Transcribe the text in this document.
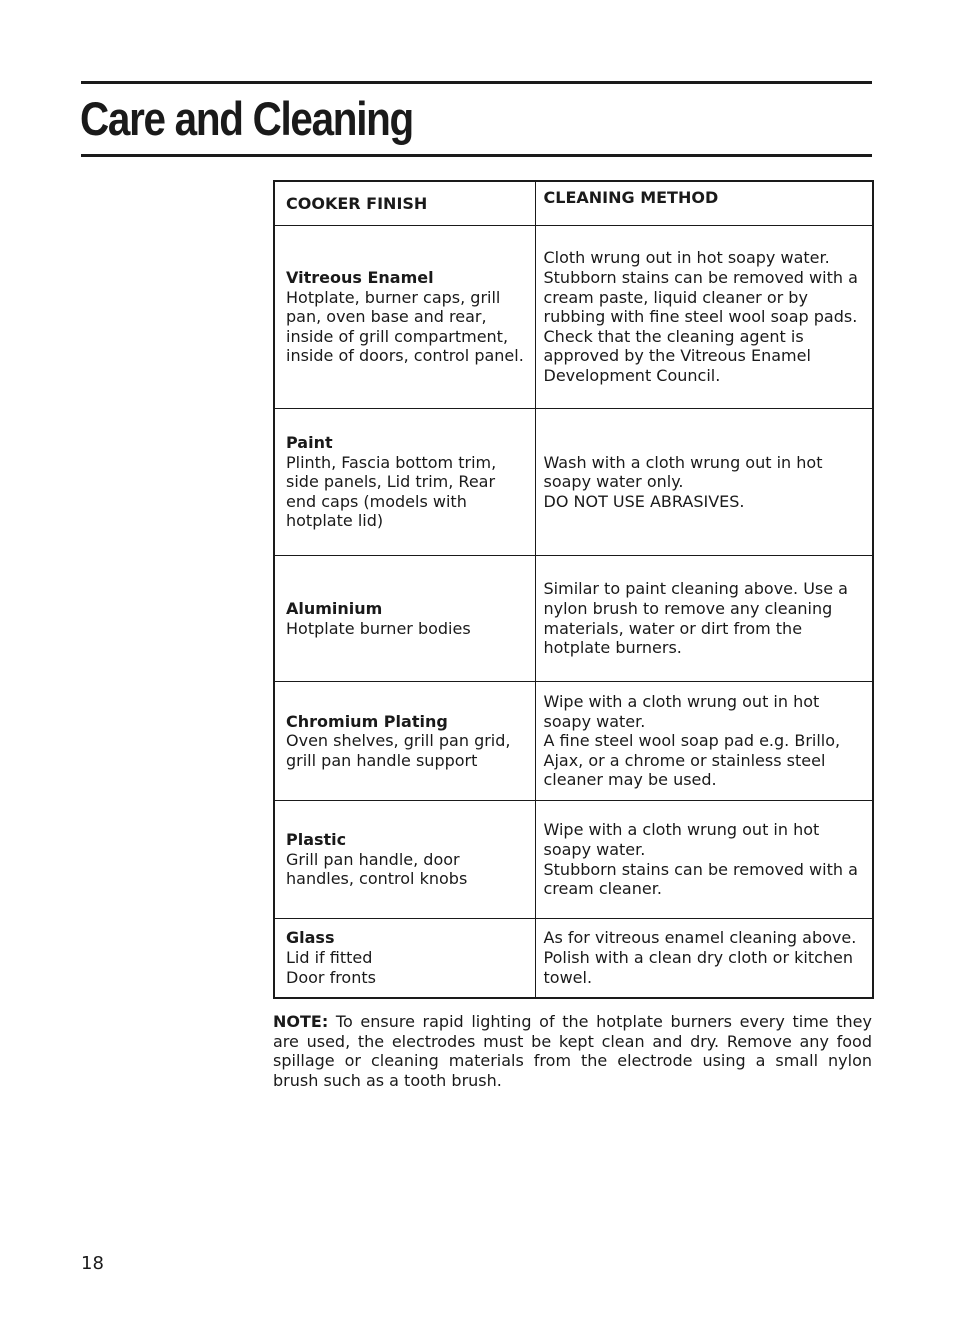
Care and Cleaning
COOKER FINISH	CLEANING METHOD

Vitreous Enamel
Hotplate, burner caps, grill pan, oven base and rear, inside of grill compartment, inside of doors, control panel.	Cloth wrung out in hot soapy water. Stubborn stains can be removed with a cream paste, liquid cleaner or by rubbing with fine steel wool soap pads. Check that the cleaning agent is approved by the Vitreous Enamel Development Council.

Paint
Plinth, Fascia bottom trim, side panels, Lid trim, Rear end caps (models with hotplate lid)	Wash with a cloth wrung out in hot soapy water only.
DO NOT USE ABRASIVES.

Aluminium
Hotplate burner bodies	Similar to paint cleaning above. Use a nylon brush to remove any cleaning materials, water or dirt from the hotplate burners.

Chromium Plating
Oven shelves, grill pan grid, grill pan handle support	Wipe with a cloth wrung out in hot soapy water.
A fine steel wool soap pad e.g. Brillo, Ajax, or a chrome or stainless steel cleaner may be used.

Plastic
Grill pan handle, door handles, control knobs	Wipe with a cloth wrung out in hot soapy water.
Stubborn stains can be removed with a cream cleaner.

Glass
Lid if fitted
Door fronts	As for vitreous enamel cleaning above. Polish with a clean dry cloth or kitchen towel.

NOTE: To ensure rapid lighting of the hotplate burners every time they are used, the electrodes must be kept clean and dry. Remove any food spillage or cleaning materials from the electrode using a small nylon brush such as a tooth brush.

18
